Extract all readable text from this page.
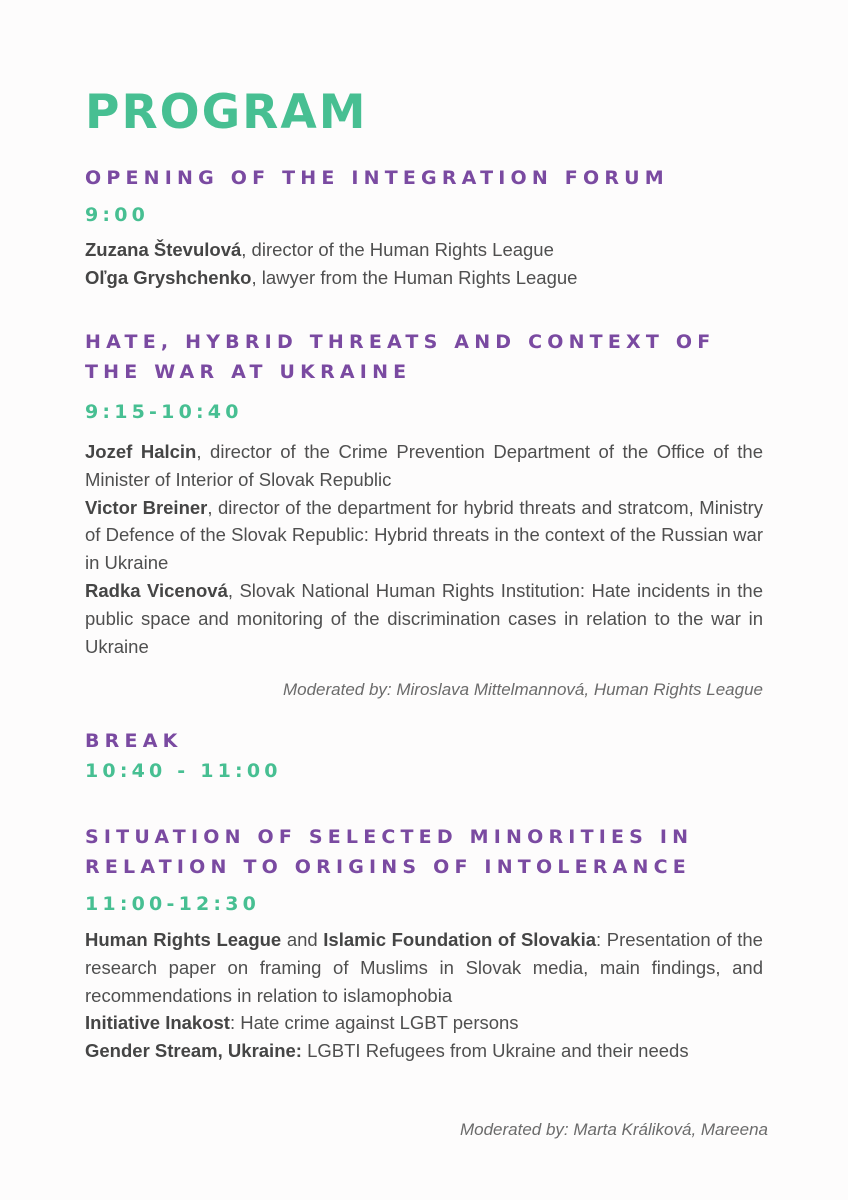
PROGRAM
OPENING OF THE INTEGRATION FORUM
9:00

Zuzana Števulová, director of the Human Rights League

Oľga Gryshchenko, lawyer from the Human Rights League

HATE, HYBRID THREATS AND CONTEXT OF THE WAR AT UKRAINE
9:15-10:40

Jozef Halcin, director of the Crime Prevention Department of the Office of the Minister of Interior of Slovak Republic

Victor Breiner, director of the department for hybrid threats and stratcom, Ministry of Defence of the Slovak Republic: Hybrid threats in the context of the Russian war in Ukraine

Radka Vicenová, Slovak National Human Rights Institution: Hate incidents in the public space and monitoring of the discrimination cases in relation to the war in Ukraine

Moderated by: Miroslava Mittelmannová, Human Rights League
BREAK
10:40 - 11:00
SITUATION OF SELECTED MINORITIES IN RELATION TO ORIGINS OF INTOLERANCE
11:00-12:30

Human Rights League and Islamic Foundation of Slovakia: Presentation of the research paper on framing of Muslims in Slovak media, main findings, and recommendations in relation to islamophobia

Initiative Inakost: Hate crime against LGBT persons

Gender Stream, Ukraine: LGBTI Refugees from Ukraine and their needs

Moderated by: Marta Králiková, Mareena
